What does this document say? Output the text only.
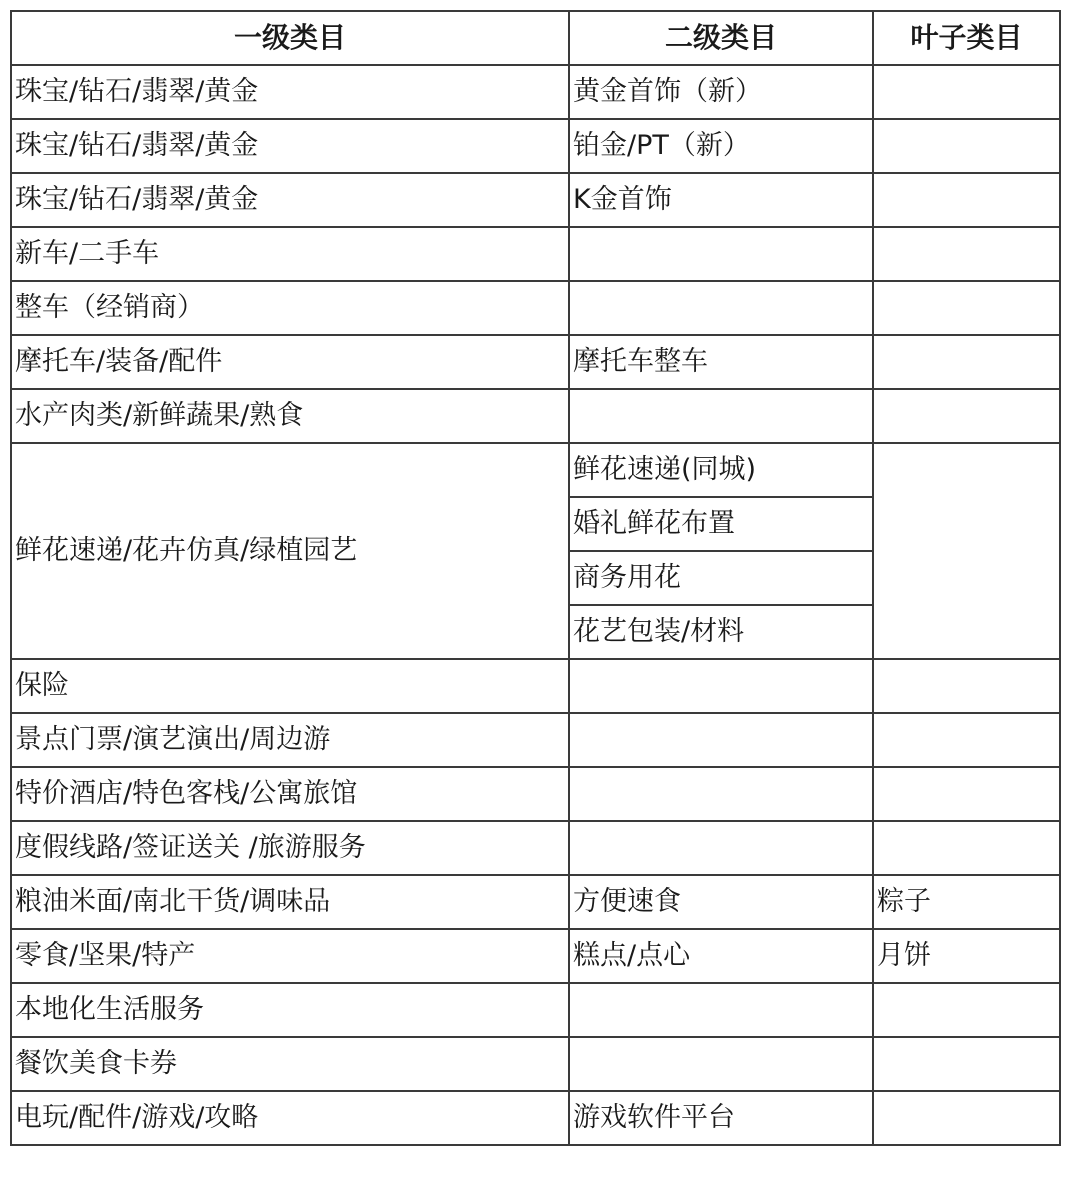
一级类目	二级类目	叶子类目
珠宝/钻石/翡翠/黄金	黄金首饰（新）	
珠宝/钻石/翡翠/黄金	铂金/PT（新）	
珠宝/钻石/翡翠/黄金	K金首饰	
新车/二手车		
整车（经销商）		
摩托车/装备/配件	摩托车整车	
水产肉类/新鲜蔬果/熟食		
鲜花速递/花卉仿真/绿植园艺	鲜花速递(同城)	
	婚礼鲜花布置	
	商务用花	
	花艺包装/材料	
保险		
景点门票/演艺演出/周边游		
特价酒店/特色客栈/公寓旅馆		
度假线路/签证送关 /旅游服务		
粮油米面/南北干货/调味品	方便速食	粽子
零食/坚果/特产	糕点/点心	月饼
本地化生活服务		
餐饮美食卡券		
电玩/配件/游戏/攻略	游戏软件平台	
